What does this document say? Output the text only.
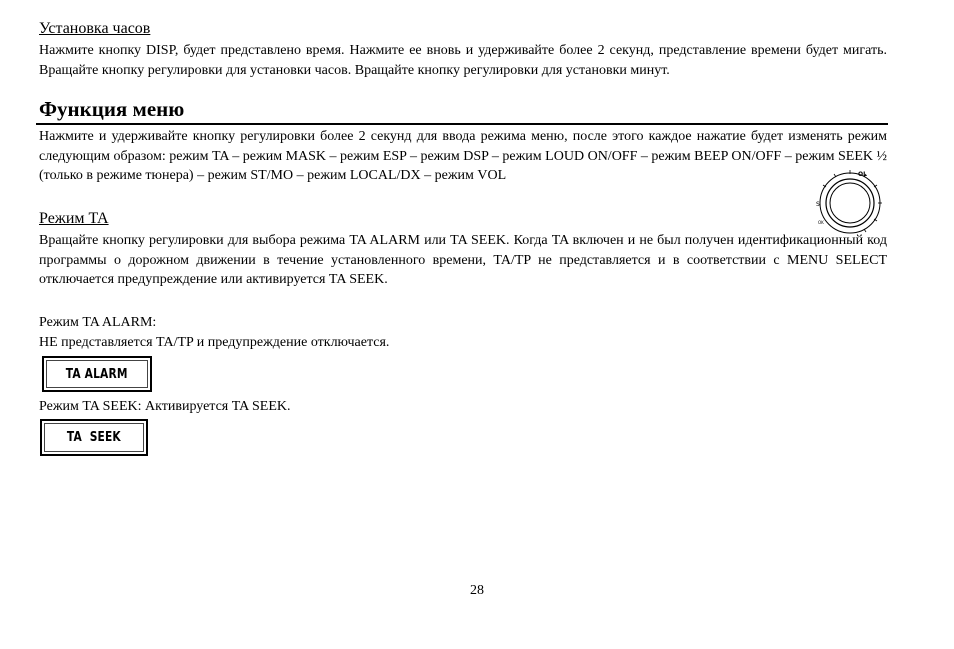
Установка часов
Нажмите кнопку DISP, будет представлено время. Нажмите ее вновь и удерживайте более 2 секунд, представление времени будет мигать. Вращайте кнопку регулировки для установки часов. Вращайте кнопку регулировки для установки минут.
Функция меню
Нажмите и удерживайте кнопку регулировки более 2 секунд для ввода режима меню, после этого каждое нажатие будет изменять режим следующим образом: режим TA – режим MASK – режим ESP – режим DSP – режим LOUD ON/OFF – режим BEEP ON/OFF – режим SEEK ½ (только в режиме тюнера) – режим ST/MO – режим LOCAL/DX – режим VOL
S
OK
OL
Режим TA
Вращайте кнопку регулировки для выбора режима TA ALARM или TA SEEK. Когда TA включен и не был получен идентификационный код программы о дорожном движении в течение установленного времени, TA/TP не представляется и в соответствии с MENU SELECT отключается предупреждение или активируется TA SEEK.
Режим TA ALARM:
НЕ представляется TA/TP и предупреждение отключается.
TA ALARM
Режим TA SEEK: Активируется TA SEEK.
TA  SEEK
28
